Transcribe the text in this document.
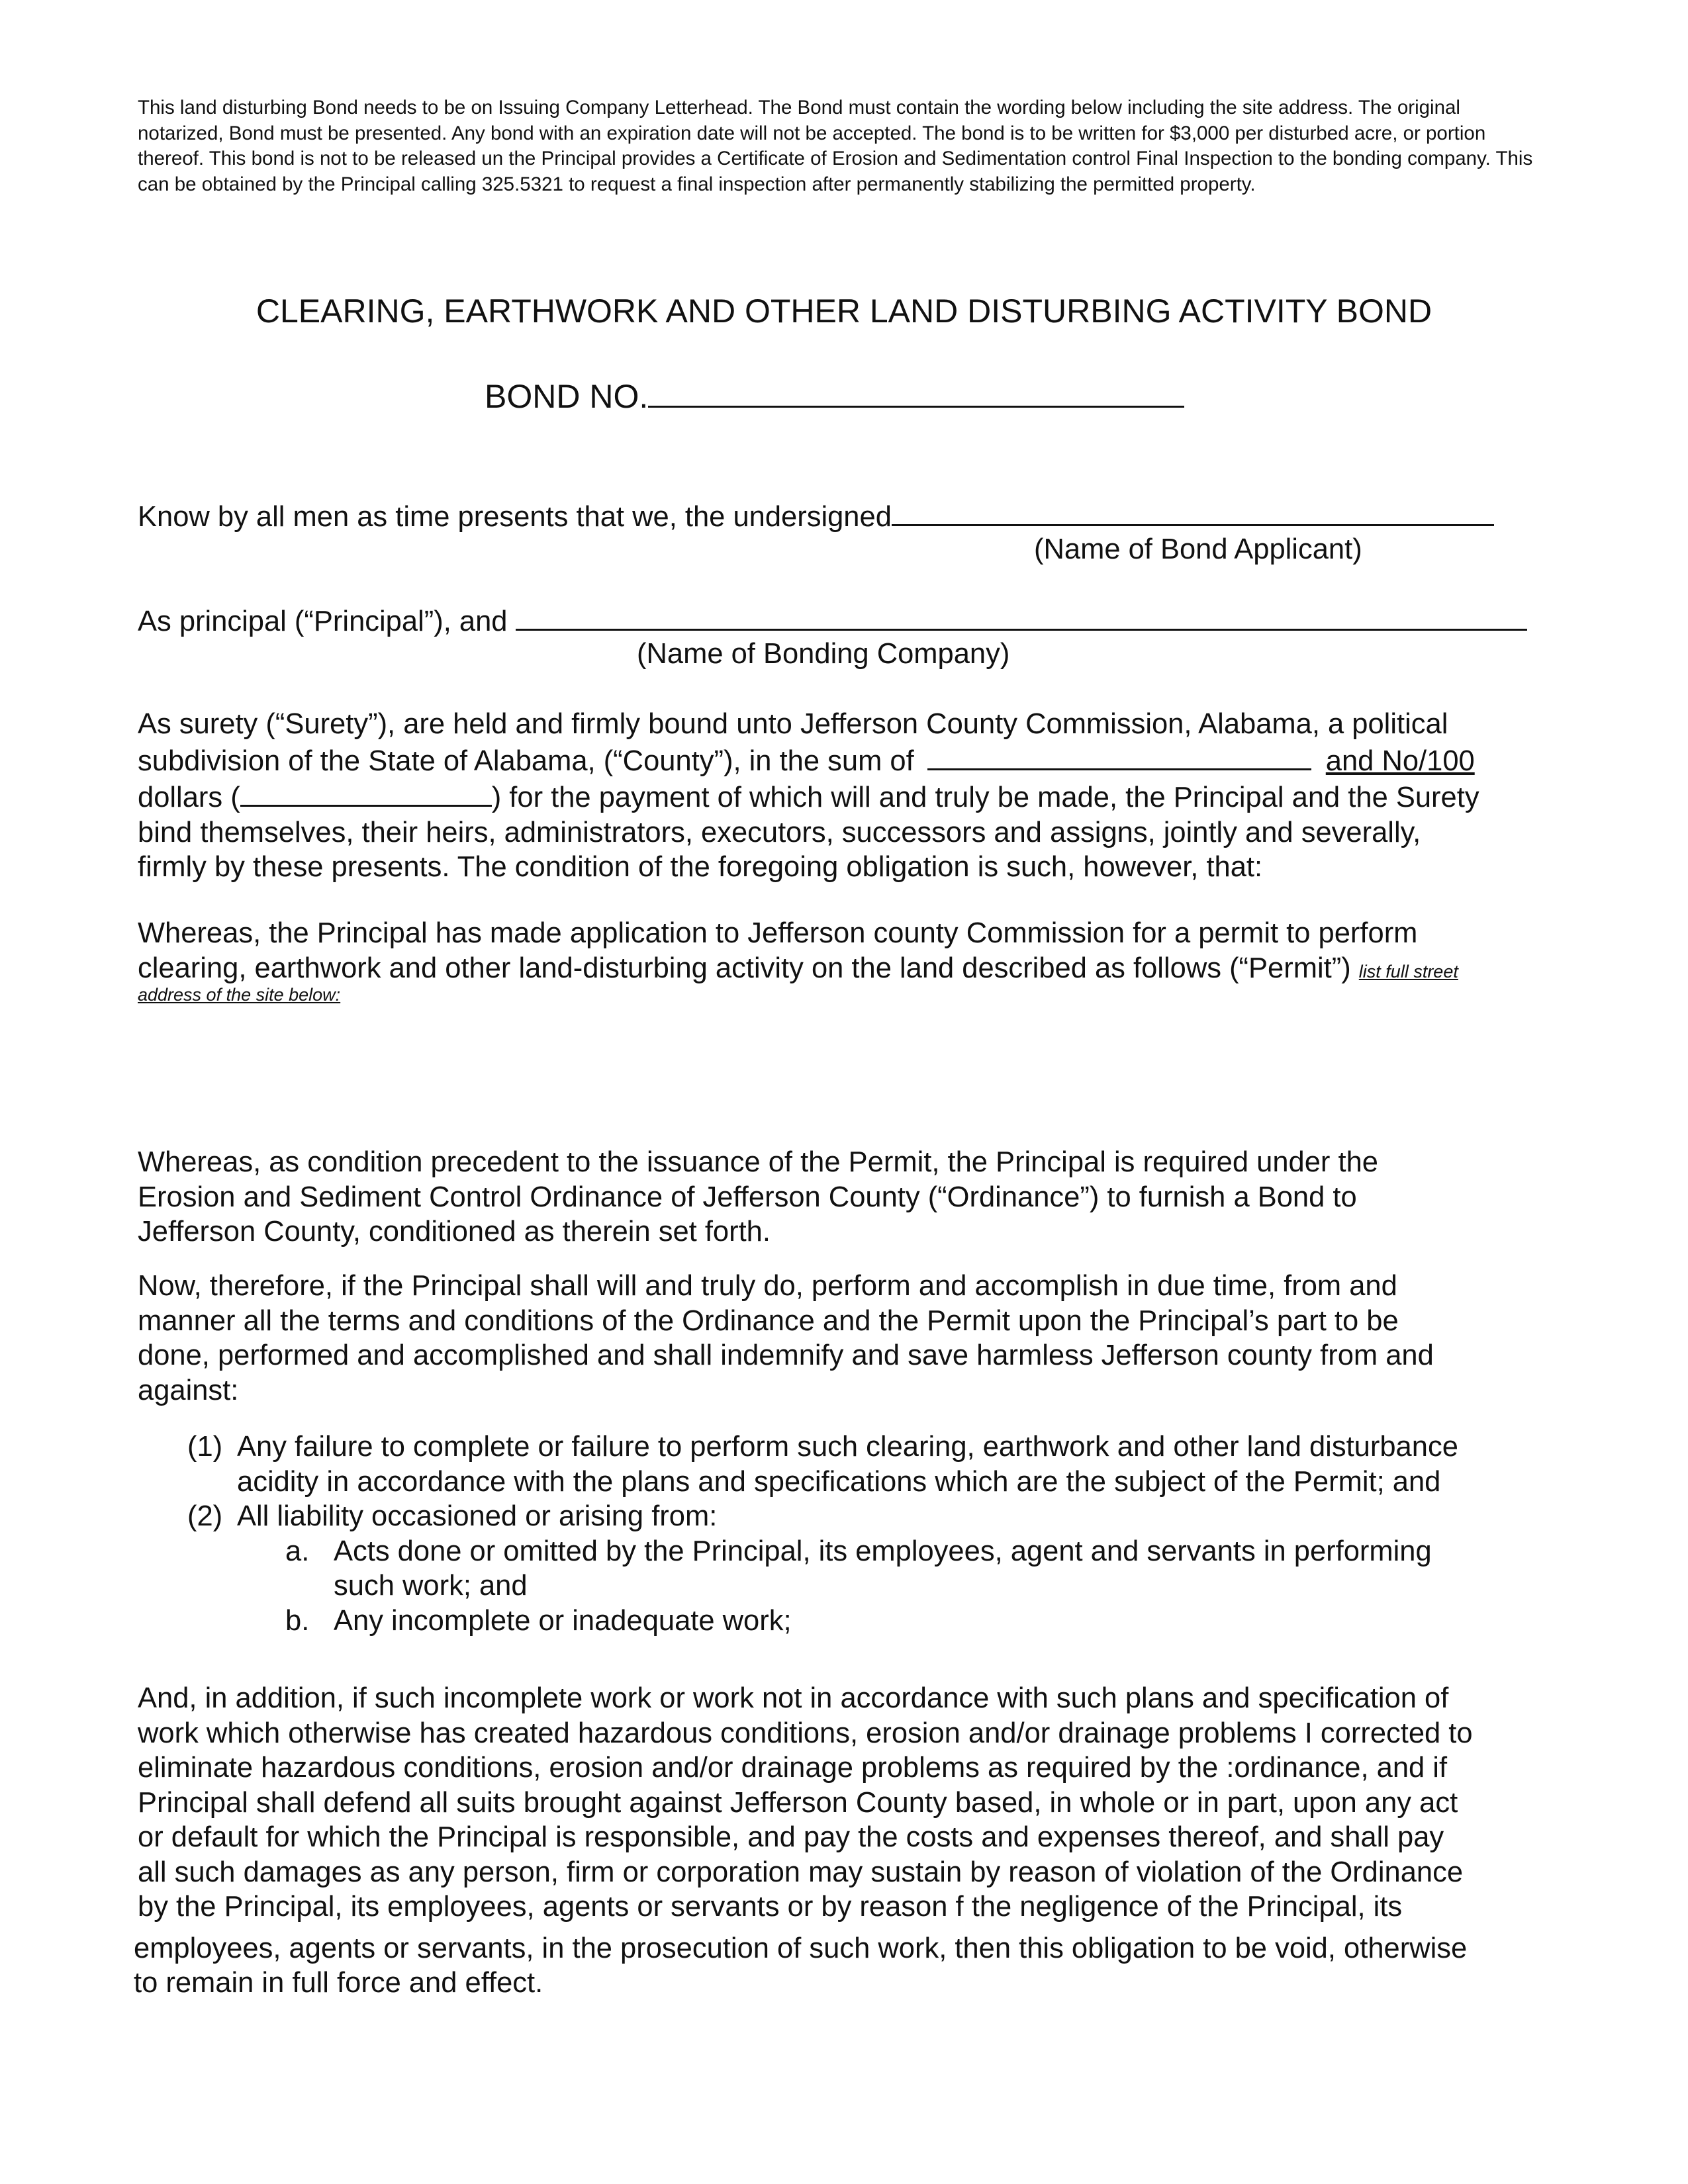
This land disturbing Bond needs to be on Issuing Company Letterhead. The Bond must contain the wording below including the site address. The original notarized, Bond must be presented. Any bond with an expiration date will not be accepted. The bond is to be written for $3,000 per disturbed acre, or portion thereof. This bond is not to be released un the Principal provides a Certificate of Erosion and Sedimentation control Final Inspection to the bonding company. This can be obtained by the Principal calling 325.5321 to request a final inspection after permanently stabilizing the permitted property.
CLEARING, EARTHWORK AND OTHER LAND DISTURBING ACTIVITY BOND
BOND NO.
Know by all men as time presents that we, the undersigned
(Name of Bond Applicant)
As principal (“Principal”), and
(Name of Bonding Company)
As surety (“Surety”), are held and firmly bound unto Jefferson County Commission, Alabama, a political
subdivision of the State of Alabama, (“County”), in the sum of	and No/100
dollars (	) for the payment of which will and truly be made, the Principal and the Surety
bind themselves, their heirs, administrators, executors, successors and assigns, jointly and severally,
firmly by these presents. The condition of the foregoing obligation is such, however, that:
Whereas, the Principal has made application to Jefferson county Commission for a permit to perform
clearing, earthwork and other land-disturbing activity on the land described as follows (“Permit”) list full street
address of the site below:
Whereas, as condition precedent to the issuance of the Permit, the Principal is required under the
Erosion and Sediment Control Ordinance of Jefferson County (“Ordinance”) to furnish a Bond to
Jefferson County, conditioned as therein set forth.
Now, therefore, if the Principal shall will and truly do, perform and accomplish in due time, from and
manner all the terms and conditions of the Ordinance and the Permit upon the Principal’s part to be
done, performed and accomplished and shall indemnify and save harmless Jefferson county from and
against:
(1) Any failure to complete or failure to perform such clearing, earthwork and other land disturbance
acidity in accordance with the plans and specifications which are the subject of the Permit; and
(2) All liability occasioned or arising from:
a. Acts done or omitted by the Principal, its employees, agent and servants in performing
such work; and
b. Any incomplete or inadequate work;
And, in addition, if such incomplete work or work not in accordance with such plans and specification of
work which otherwise has created hazardous conditions, erosion and/or drainage problems I corrected to
eliminate hazardous conditions, erosion and/or drainage problems as required by the :ordinance, and if
Principal shall defend all suits brought against Jefferson County based, in whole or in part, upon any act
or default for which the Principal is responsible, and pay the costs and expenses thereof, and shall pay
all such damages as any person, firm or corporation may sustain by reason of violation of the Ordinance
by the Principal, its employees, agents or servants or by reason f the negligence of the Principal, its
employees, agents or servants, in the prosecution of such work, then this obligation to be void, otherwise
to remain in full force and effect.
